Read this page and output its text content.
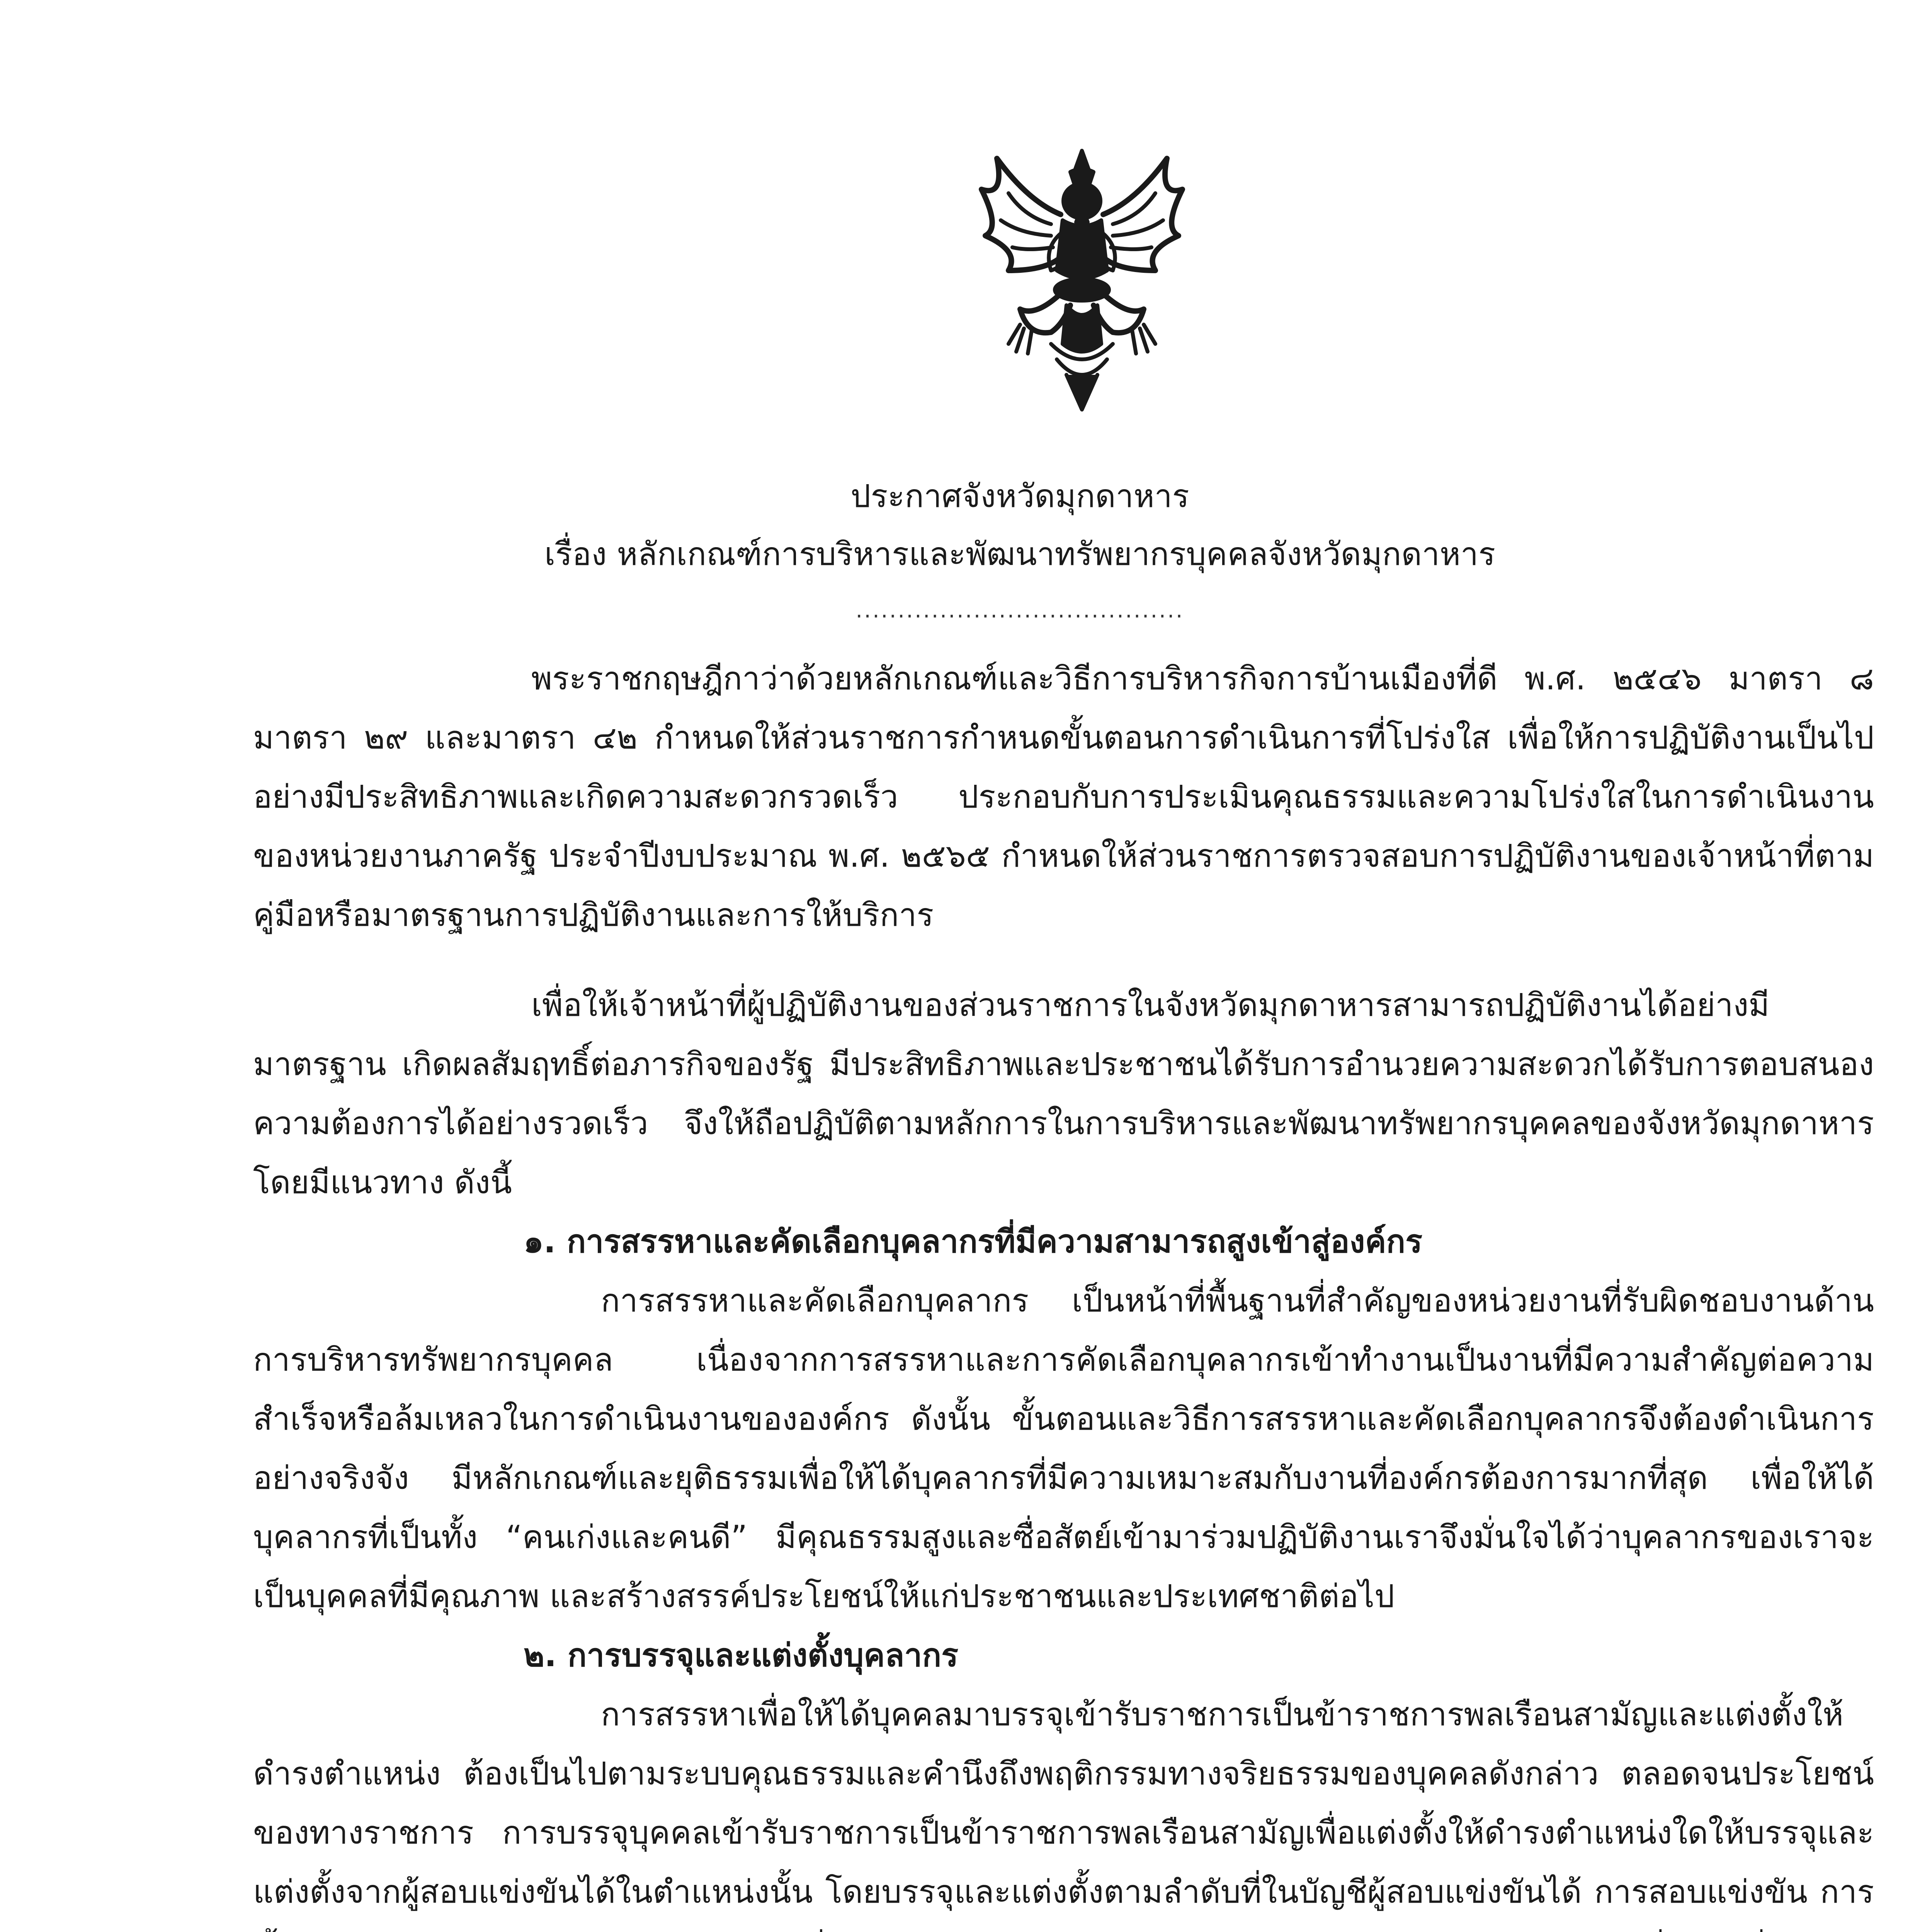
ประกาศจังหวัดมุกดาหาร
เรื่อง หลักเกณฑ์การบริหารและพัฒนาทรัพยากรบุคคลจังหวัดมุกดาหาร
.......................................

พระราชกฤษฎีกาว่าด้วยหลักเกณฑ์และวิธีการบริหารกิจการบ้านเมืองที่ดี พ.ศ. ๒๕๔๖ มาตรา ๘ มาตรา ๒๙ และมาตรา ๔๒ กำหนดให้ส่วนราชการกำหนดขั้นตอนการดำเนินการที่โปร่งใส เพื่อให้การปฏิบัติงานเป็นไปอย่างมีประสิทธิภาพและเกิดความสะดวกรวดเร็ว ประกอบกับการประเมินคุณธรรมและความโปร่งใสในการดำเนินงานของหน่วยงานภาครัฐ ประจำปีงบประมาณ พ.ศ. ๒๕๖๕ กำหนดให้ส่วนราชการตรวจสอบการปฏิบัติงานของเจ้าหน้าที่ตามคู่มือหรือมาตรฐานการปฏิบัติงานและการให้บริการ

เพื่อให้เจ้าหน้าที่ผู้ปฏิบัติงานของส่วนราชการในจังหวัดมุกดาหารสามารถปฏิบัติงานได้อย่างมีมาตรฐาน เกิดผลสัมฤทธิ์ต่อภารกิจของรัฐ มีประสิทธิภาพและประชาชนได้รับการอำนวยความสะดวกได้รับการตอบสนองความต้องการได้อย่างรวดเร็ว จึงให้ถือปฏิบัติตามหลักการในการบริหารและพัฒนาทรัพยากรบุคคลของจังหวัดมุกดาหารโดยมีแนวทาง ดังนี้

๑. การสรรหาและคัดเลือกบุคลากรที่มีความสามารถสูงเข้าสู่องค์กร

การสรรหาและคัดเลือกบุคลากร เป็นหน้าที่พื้นฐานที่สำคัญของหน่วยงานที่รับผิดชอบงานด้านการบริหารทรัพยากรบุคคล เนื่องจากการสรรหาและการคัดเลือกบุคลากรเข้าทำงานเป็นงานที่มีความสำคัญต่อความสำเร็จหรือล้มเหลวในการดำเนินงานขององค์กร ดังนั้น ขั้นตอนและวิธีการสรรหาและคัดเลือกบุคลากรจึงต้องดำเนินการอย่างจริงจัง มีหลักเกณฑ์และยุติธรรมเพื่อให้ได้บุคลากรที่มีความเหมาะสมกับงานที่องค์กรต้องการมากที่สุด เพื่อให้ได้บุคลากรที่เป็นทั้ง “คนเก่งและคนดี” มีคุณธรรมสูงและซื่อสัตย์เข้ามาร่วมปฏิบัติงานเราจึงมั่นใจได้ว่าบุคลากรของเราจะเป็นบุคคลที่มีคุณภาพ และสร้างสรรค์ประโยชน์ให้แก่ประชาชนและประเทศชาติต่อไป

๒. การบรรจุและแต่งตั้งบุคลากร

การสรรหาเพื่อให้ได้บุคคลมาบรรจุเข้ารับราชการเป็นข้าราชการพลเรือนสามัญและแต่งตั้งให้ดำรงตำแหน่ง ต้องเป็นไปตามระบบคุณธรรมและคำนึงถึงพฤติกรรมทางจริยธรรมของบุคคลดังกล่าว ตลอดจนประโยชน์ของทางราชการ การบรรจุบุคคลเข้ารับราชการเป็นข้าราชการพลเรือนสามัญเพื่อแต่งตั้งให้ดำรงตำแหน่งใดให้บรรจุและแต่งตั้งจากผู้สอบแข่งขันได้ในตำแหน่งนั้น โดยบรรจุและแต่งตั้งตามลำดับที่ในบัญชีผู้สอบแข่งขันได้ การสอบแข่งขัน การ
